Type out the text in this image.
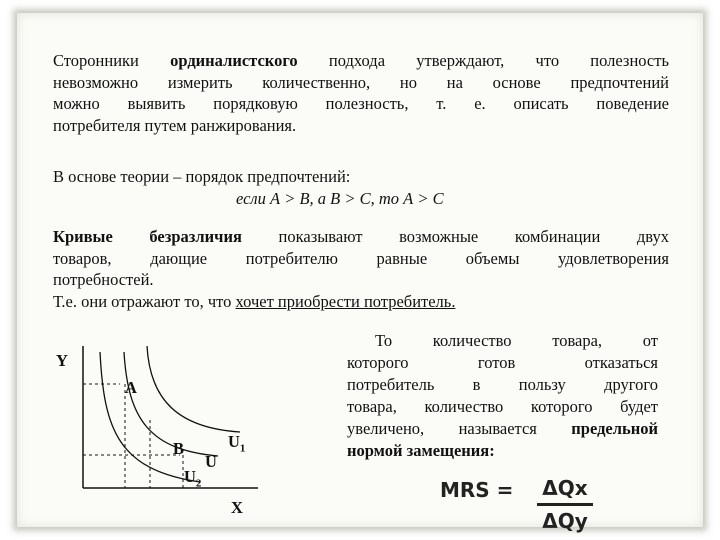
Сторонники ординалистского подхода утверждают, что полезность
невозможно измерить количественно, но на основе предпочтений
можно выявить порядковую полезность, т. е. описать поведение
потребителя путем ранжирования.
В основе теории – порядок предпочтений:
если А > В, а В > С, то А > С
Кривые безразличия показывают возможные комбинации двух
товаров, дающие потребителю равные объемы удовлетворения
потребностей.
Т.е. они отражают то, что хочет приобрести потребитель.
То количество товара, от
которого готов отказаться
потребитель в пользу другого
товара, количество которого будет
увеличено, называется предельной
нормой замещения:
Y
X
A
B
U
$U_1$
$U_2$	MRS = ΔQx
ΔQy
